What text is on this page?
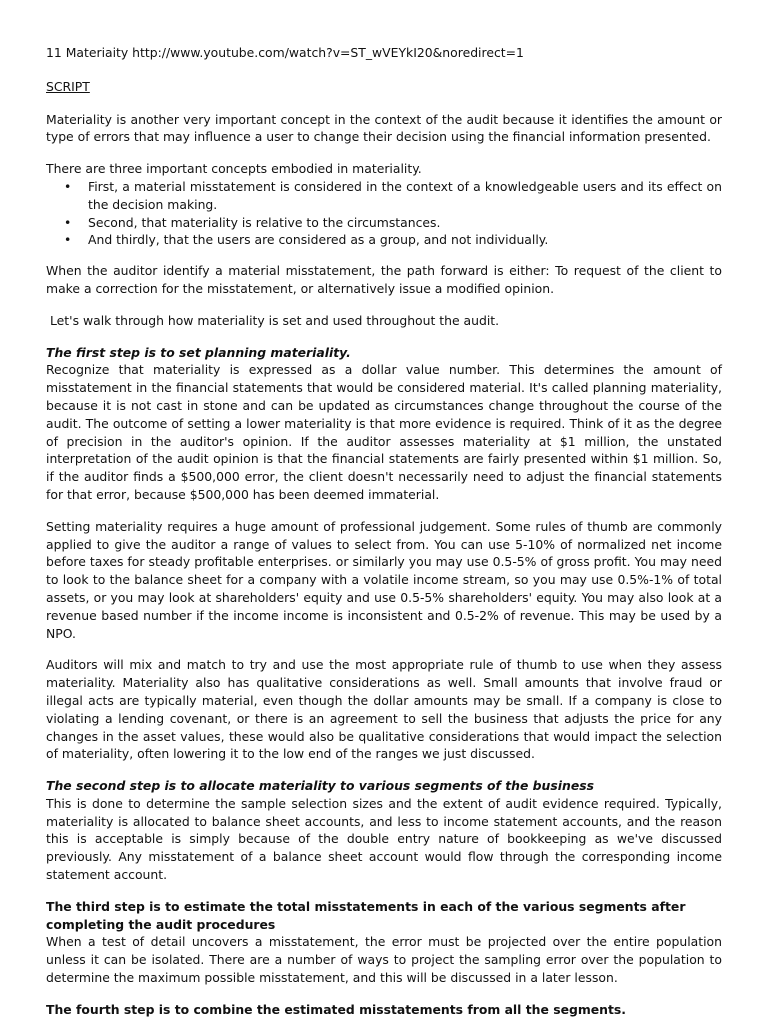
11 Materiaity http://www.youtube.com/watch?v=ST_wVEYkI20&noredirect=1

SCRIPT

Materiality is another very important concept in the context of the audit because it identifies the amount or type of errors that may influence a user to change their decision using the financial information presented.

There are three important concepts embodied in materiality.

• First, a material misstatement is considered in the context of a knowledgeable users and its effect on the decision making.
• Second, that materiality is relative to the circumstances.
• And thirdly, that the users are considered as a group, and not individually.

When the auditor identify a material misstatement, the path forward is either: To request of the client to make a correction for the misstatement, or alternatively issue a modified opinion.

Let's walk through how materiality is set and used throughout the audit.

The first step is to set planning materiality.

Recognize that materiality is expressed as a dollar value number. This determines the amount of misstatement in the financial statements that would be considered material. It's called planning materiality, because it is not cast in stone and can be updated as circumstances change throughout the course of the audit. The outcome of setting a lower materiality is that more evidence is required. Think of it as the degree of precision in the auditor's opinion. If the auditor assesses materiality at $1 million, the unstated interpretation of the audit opinion is that the financial statements are fairly presented within $1 million. So, if the auditor finds a $500,000 error, the client doesn't necessarily need to adjust the financial statements for that error, because $500,000 has been deemed immaterial.

Setting materiality requires a huge amount of professional judgement. Some rules of thumb are commonly applied to give the auditor a range of values to select from. You can use 5-10% of normalized net income before taxes for steady profitable enterprises. or similarly you may use 0.5-5% of gross profit. You may need to look to the balance sheet for a company with a volatile income stream, so you may use 0.5%-1% of total assets, or you may look at shareholders' equity and use 0.5-5% shareholders' equity. You may also look at a revenue based number if the income income is inconsistent and 0.5-2% of revenue. This may be used by a NPO.

Auditors will mix and match to try and use the most appropriate rule of thumb to use when they assess materiality. Materiality also has qualitative considerations as well. Small amounts that involve fraud or illegal acts are typically material, even though the dollar amounts may be small. If a company is close to violating a lending covenant, or there is an agreement to sell the business that adjusts the price for any changes in the asset values, these would also be qualitative considerations that would impact the selection of materiality, often lowering it to the low end of the ranges we just discussed.

The second step is to allocate materiality to various segments of the business

This is done to determine the sample selection sizes and the extent of audit evidence required. Typically, materiality is allocated to balance sheet accounts, and less to income statement accounts, and the reason this is acceptable is simply because of the double entry nature of bookkeeping as we've discussed previously. Any misstatement of a balance sheet account would flow through the corresponding income statement account.

The third step is to estimate the total misstatements in each of the various segments after completing the audit procedures

When a test of detail uncovers a misstatement, the error must be projected over the entire population unless it can be isolated. There are a number of ways to project the sampling error over the population to determine the maximum possible misstatement, and this will be discussed in a later lesson.

The fourth step is to combine the estimated misstatements from all the segments.
